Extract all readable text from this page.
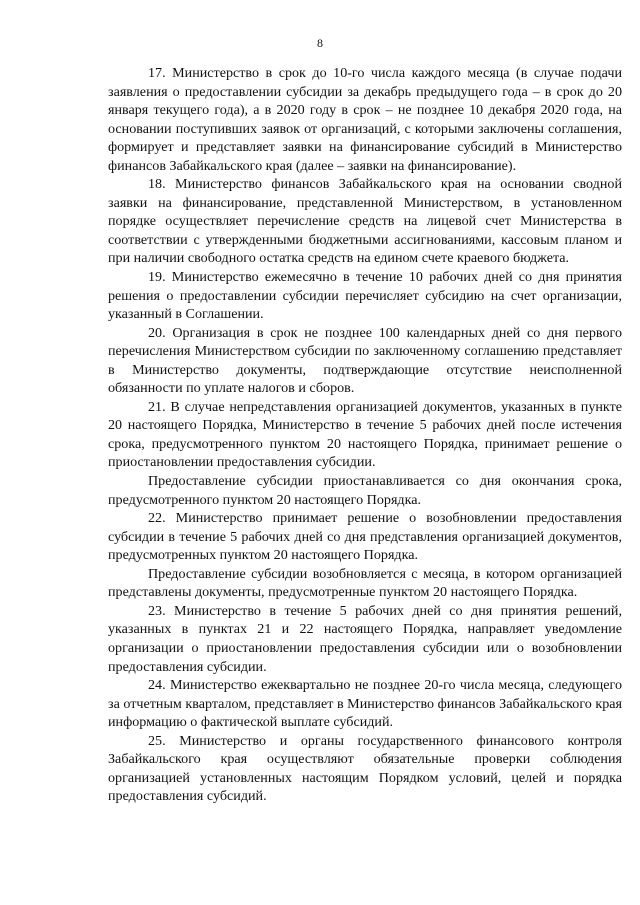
8

17. Министерство в срок до 10-го числа каждого месяца (в случае подачи заявления о предоставлении субсидии за декабрь предыдущего года – в срок до 20 января текущего года), а в 2020 году в срок – не позднее 10 декабря 2020 года, на основании поступивших заявок от организаций, с которыми заключены соглашения, формирует и представляет заявки на финансирование субсидий в Министерство финансов Забайкальского края (далее – заявки на финансирование).

18. Министерство финансов Забайкальского края на основании сводной заявки на финансирование, представленной Министерством, в установленном порядке осуществляет перечисление средств на лицевой счет Министерства в соответствии с утвержденными бюджетными ассигнованиями, кассовым планом и при наличии свободного остатка средств на едином счете краевого бюджета.

19. Министерство ежемесячно в течение 10 рабочих дней со дня принятия решения о предоставлении субсидии перечисляет субсидию на счет организации, указанный в Соглашении.

20. Организация в срок не позднее 100 календарных дней со дня первого перечисления Министерством субсидии по заключенному соглашению представляет в Министерство документы, подтверждающие отсутствие неисполненной обязанности по уплате налогов и сборов.

21. В случае непредставления организацией документов, указанных в пункте 20 настоящего Порядка, Министерство в течение 5 рабочих дней после истечения срока, предусмотренного пунктом 20 настоящего Порядка, принимает решение о приостановлении предоставления субсидии.

Предоставление субсидии приостанавливается со дня окончания срока, предусмотренного пунктом 20 настоящего Порядка.

22. Министерство принимает решение о возобновлении предоставления субсидии в течение 5 рабочих дней со дня представления организацией документов, предусмотренных пунктом 20 настоящего Порядка.

Предоставление субсидии возобновляется с месяца, в котором организацией представлены документы, предусмотренные пунктом 20 настоящего Порядка.

23. Министерство в течение 5 рабочих дней со дня принятия решений, указанных в пунктах 21 и 22 настоящего Порядка, направляет уведомление организации о приостановлении предоставления субсидии или о возобновлении предоставления субсидии.

24. Министерство ежеквартально не позднее 20-го числа месяца, следующего за отчетным кварталом, представляет в Министерство финансов Забайкальского края информацию о фактической выплате субсидий.

25. Министерство и органы государственного финансового контроля Забайкальского края осуществляют обязательные проверки соблюдения организацией установленных настоящим Порядком условий, целей и порядка предоставления субсидий.
